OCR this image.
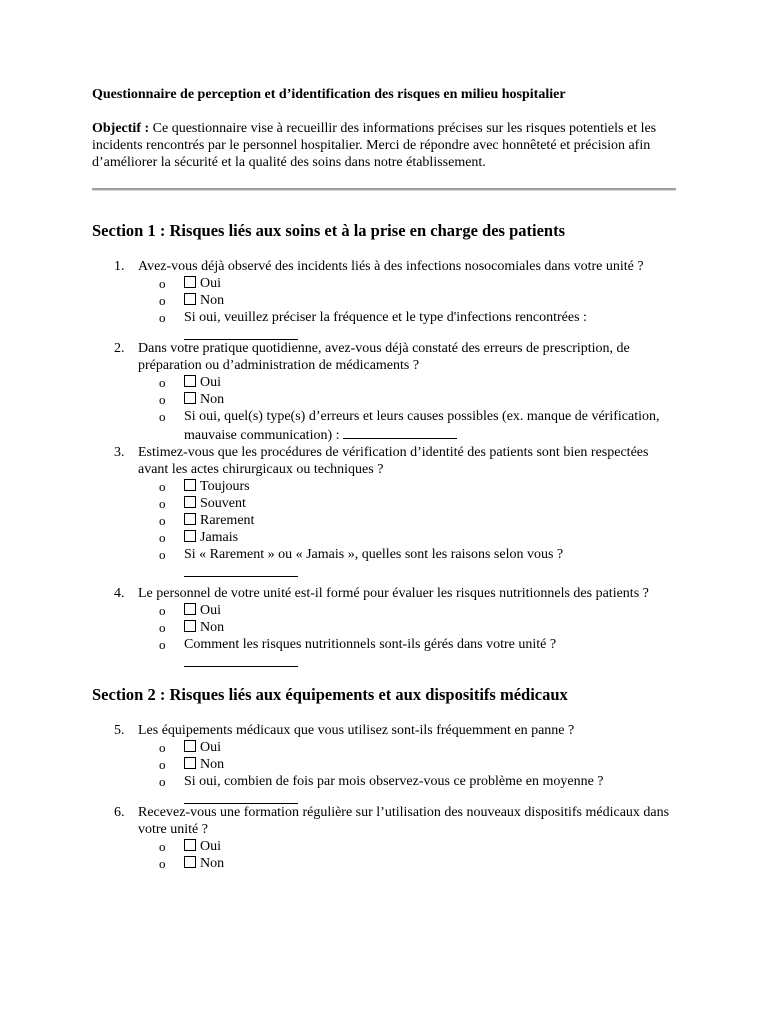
Questionnaire de perception et d’identification des risques en milieu hospitalier

Objectif : Ce questionnaire vise à recueillir des informations précises sur les risques potentiels et les incidents rencontrés par le personnel hospitalier. Merci de répondre avec honnêteté et précision afin d’améliorer la sécurité et la qualité des soins dans notre établissement.

Section 1 : Risques liés aux soins et à la prise en charge des patients
1. Avez-vous déjà observé des incidents liés à des infections nosocomiales dans votre unité ?
o Oui
o Non
o Si oui, veuillez préciser la fréquence et le type d'infections rencontrées :
2. Dans votre pratique quotidienne, avez-vous déjà constaté des erreurs de prescription, de préparation ou d’administration de médicaments ?
o Oui
o Non
o Si oui, quel(s) type(s) d’erreurs et leurs causes possibles (ex. manque de vérification, mauvaise communication) :
3. Estimez-vous que les procédures de vérification d’identité des patients sont bien respectées avant les actes chirurgicaux ou techniques ?
o Toujours
o Souvent
o Rarement
o Jamais
o Si « Rarement » ou « Jamais », quelles sont les raisons selon vous ?
4. Le personnel de votre unité est-il formé pour évaluer les risques nutritionnels des patients ?
o Oui
o Non
o Comment les risques nutritionnels sont-ils gérés dans votre unité ?
Section 2 : Risques liés aux équipements et aux dispositifs médicaux
5. Les équipements médicaux que vous utilisez sont-ils fréquemment en panne ?
o Oui
o Non
o Si oui, combien de fois par mois observez-vous ce problème en moyenne ?
6. Recevez-vous une formation régulière sur l’utilisation des nouveaux dispositifs médicaux dans votre unité ?
o Oui
o Non
